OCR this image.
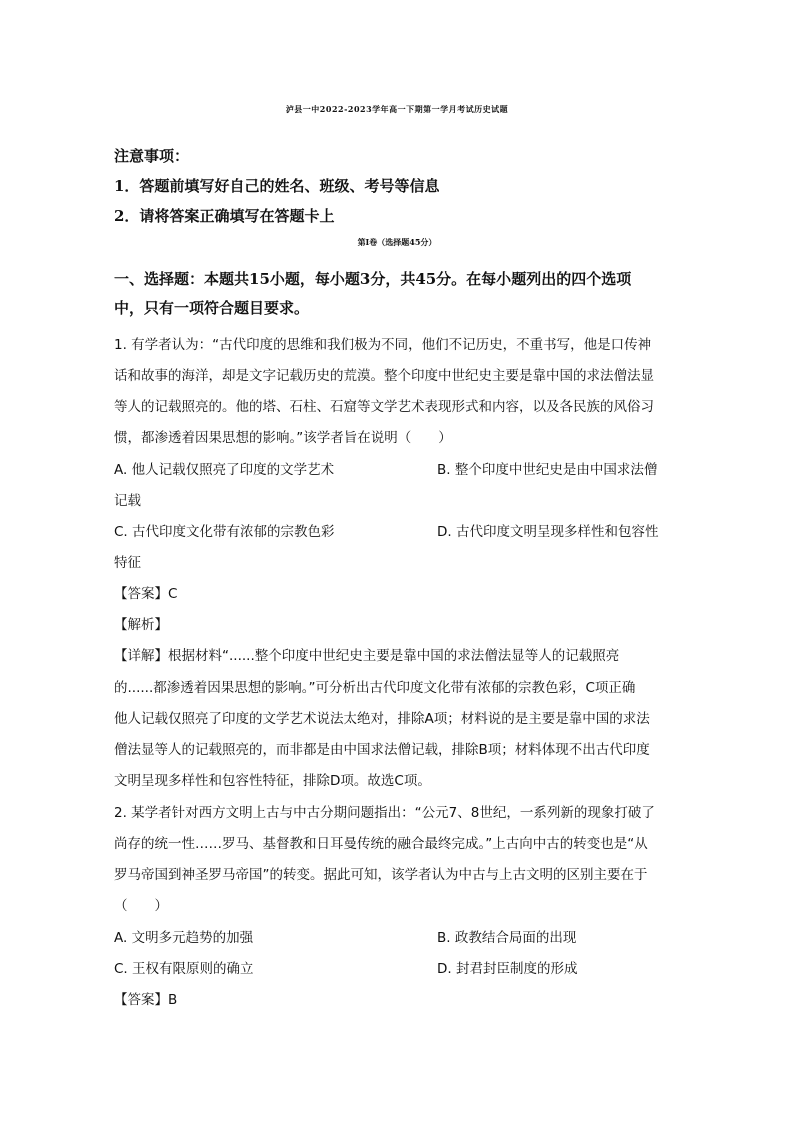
泸县一中2022-2023学年高一下期第一学月考试历史试题
注意事项：
1．答题前填写好自己的姓名、班级、考号等信息
2．请将答案正确填写在答题卡上
第I卷（选择题45分）
一、选择题：本题共15小题，每小题3分，共45分。在每小题列出的四个选项
中，只有一项符合题目要求。
1. 有学者认为：“古代印度的思维和我们极为不同，他们不记历史，不重书写，他是口传神
话和故事的海洋，却是文字记载历史的荒漠。整个印度中世纪史主要是靠中国的求法僧法显
等人的记载照亮的。他的塔、石柱、石窟等文学艺术表现形式和内容，以及各民族的风俗习
惯，都渗透着因果思想的影响。”该学者旨在说明（　　）
A. 他人记载仅照亮了印度的文学艺术	B. 整个印度中世纪史是由中国求法僧
记载
C. 古代印度文化带有浓郁的宗教色彩	D. 古代印度文明呈现多样性和包容性
特征
【答案】C
【解析】
【详解】根据材料“......整个印度中世纪史主要是靠中国的求法僧法显等人的记载照亮
的......都渗透着因果思想的影响。”可分析出古代印度文化带有浓郁的宗教色彩，C项正确
他人记载仅照亮了印度的文学艺术说法太绝对，排除A项；材料说的是主要是靠中国的求法
僧法显等人的记载照亮的，而非都是由中国求法僧记载，排除B项；材料体现不出古代印度
文明呈现多样性和包容性特征，排除D项。故选C项。
2. 某学者针对西方文明上古与中古分期问题指出：“公元7、8世纪，一系列新的现象打破了
尚存的统一性……罗马、基督教和日耳曼传统的融合最终完成。”上古向中古的转变也是“从
罗马帝国到神圣罗马帝国”的转变。据此可知，该学者认为中古与上古文明的区别主要在于
（　　）
A. 文明多元趋势的加强	B. 政教结合局面的出现
C. 王权有限原则的确立	D. 封君封臣制度的形成
【答案】B
